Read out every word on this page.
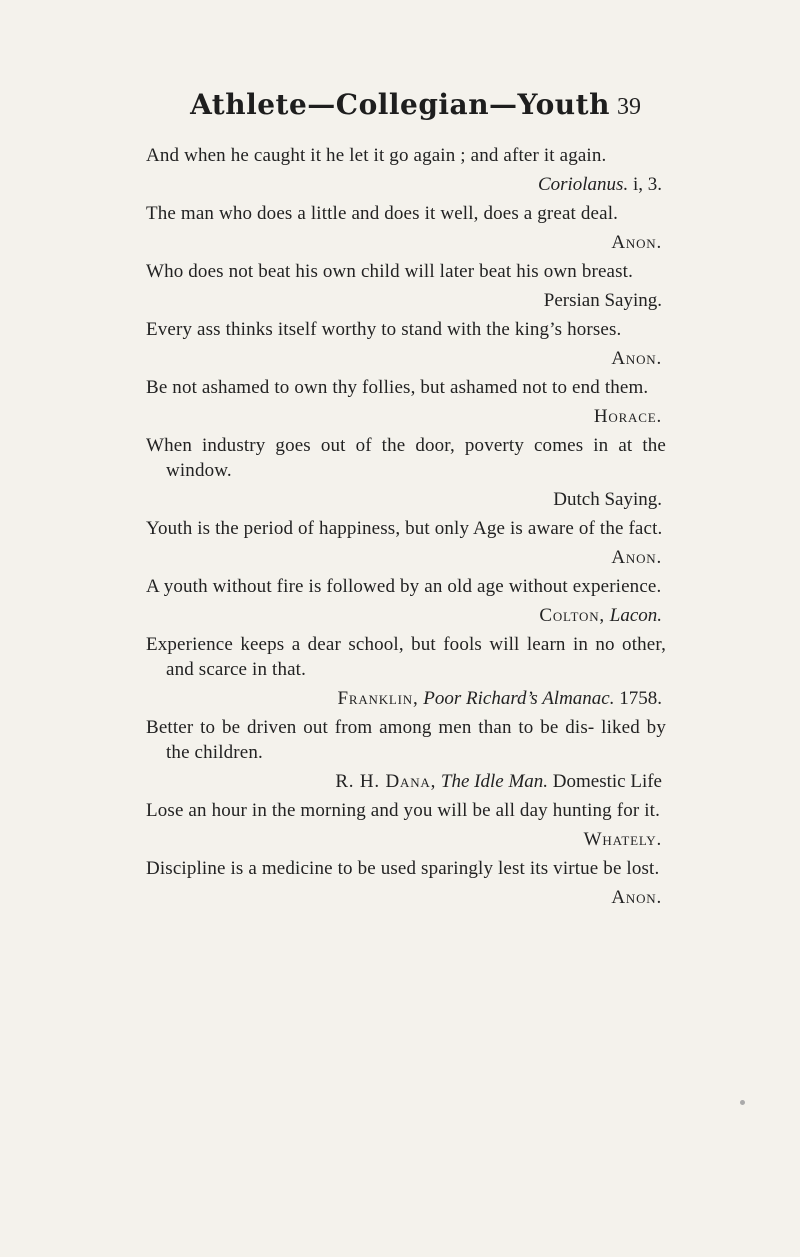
Athlete—Collegian—Youth 39

And when he caught it he let it go again ; and after it again.

Coriolanus. i, 3.

The man who does a little and does it well, does a great deal.

Anon.

Who does not beat his own child will later beat his own breast.

Persian Saying.

Every ass thinks itself worthy to stand with the king’s horses.

Anon.

Be not ashamed to own thy follies, but ashamed not to end them.

Horace.

When industry goes out of the door, poverty comes in at the window.

Dutch Saying.

Youth is the period of happiness, but only Age is aware of the fact.

Anon.

A youth without fire is followed by an old age without experience.

Colton, Lacon.

Experience keeps a dear school, but fools will learn in no other, and scarce in that.

Franklin, Poor Richard’s Almanac. 1758.

Better to be driven out from among men than to be dis- liked by the children.

R. H. Dana, The Idle Man. Domestic Life

Lose an hour in the morning and you will be all day hunting for it.

Whately.

Discipline is a medicine to be used sparingly lest its virtue be lost.

Anon.
